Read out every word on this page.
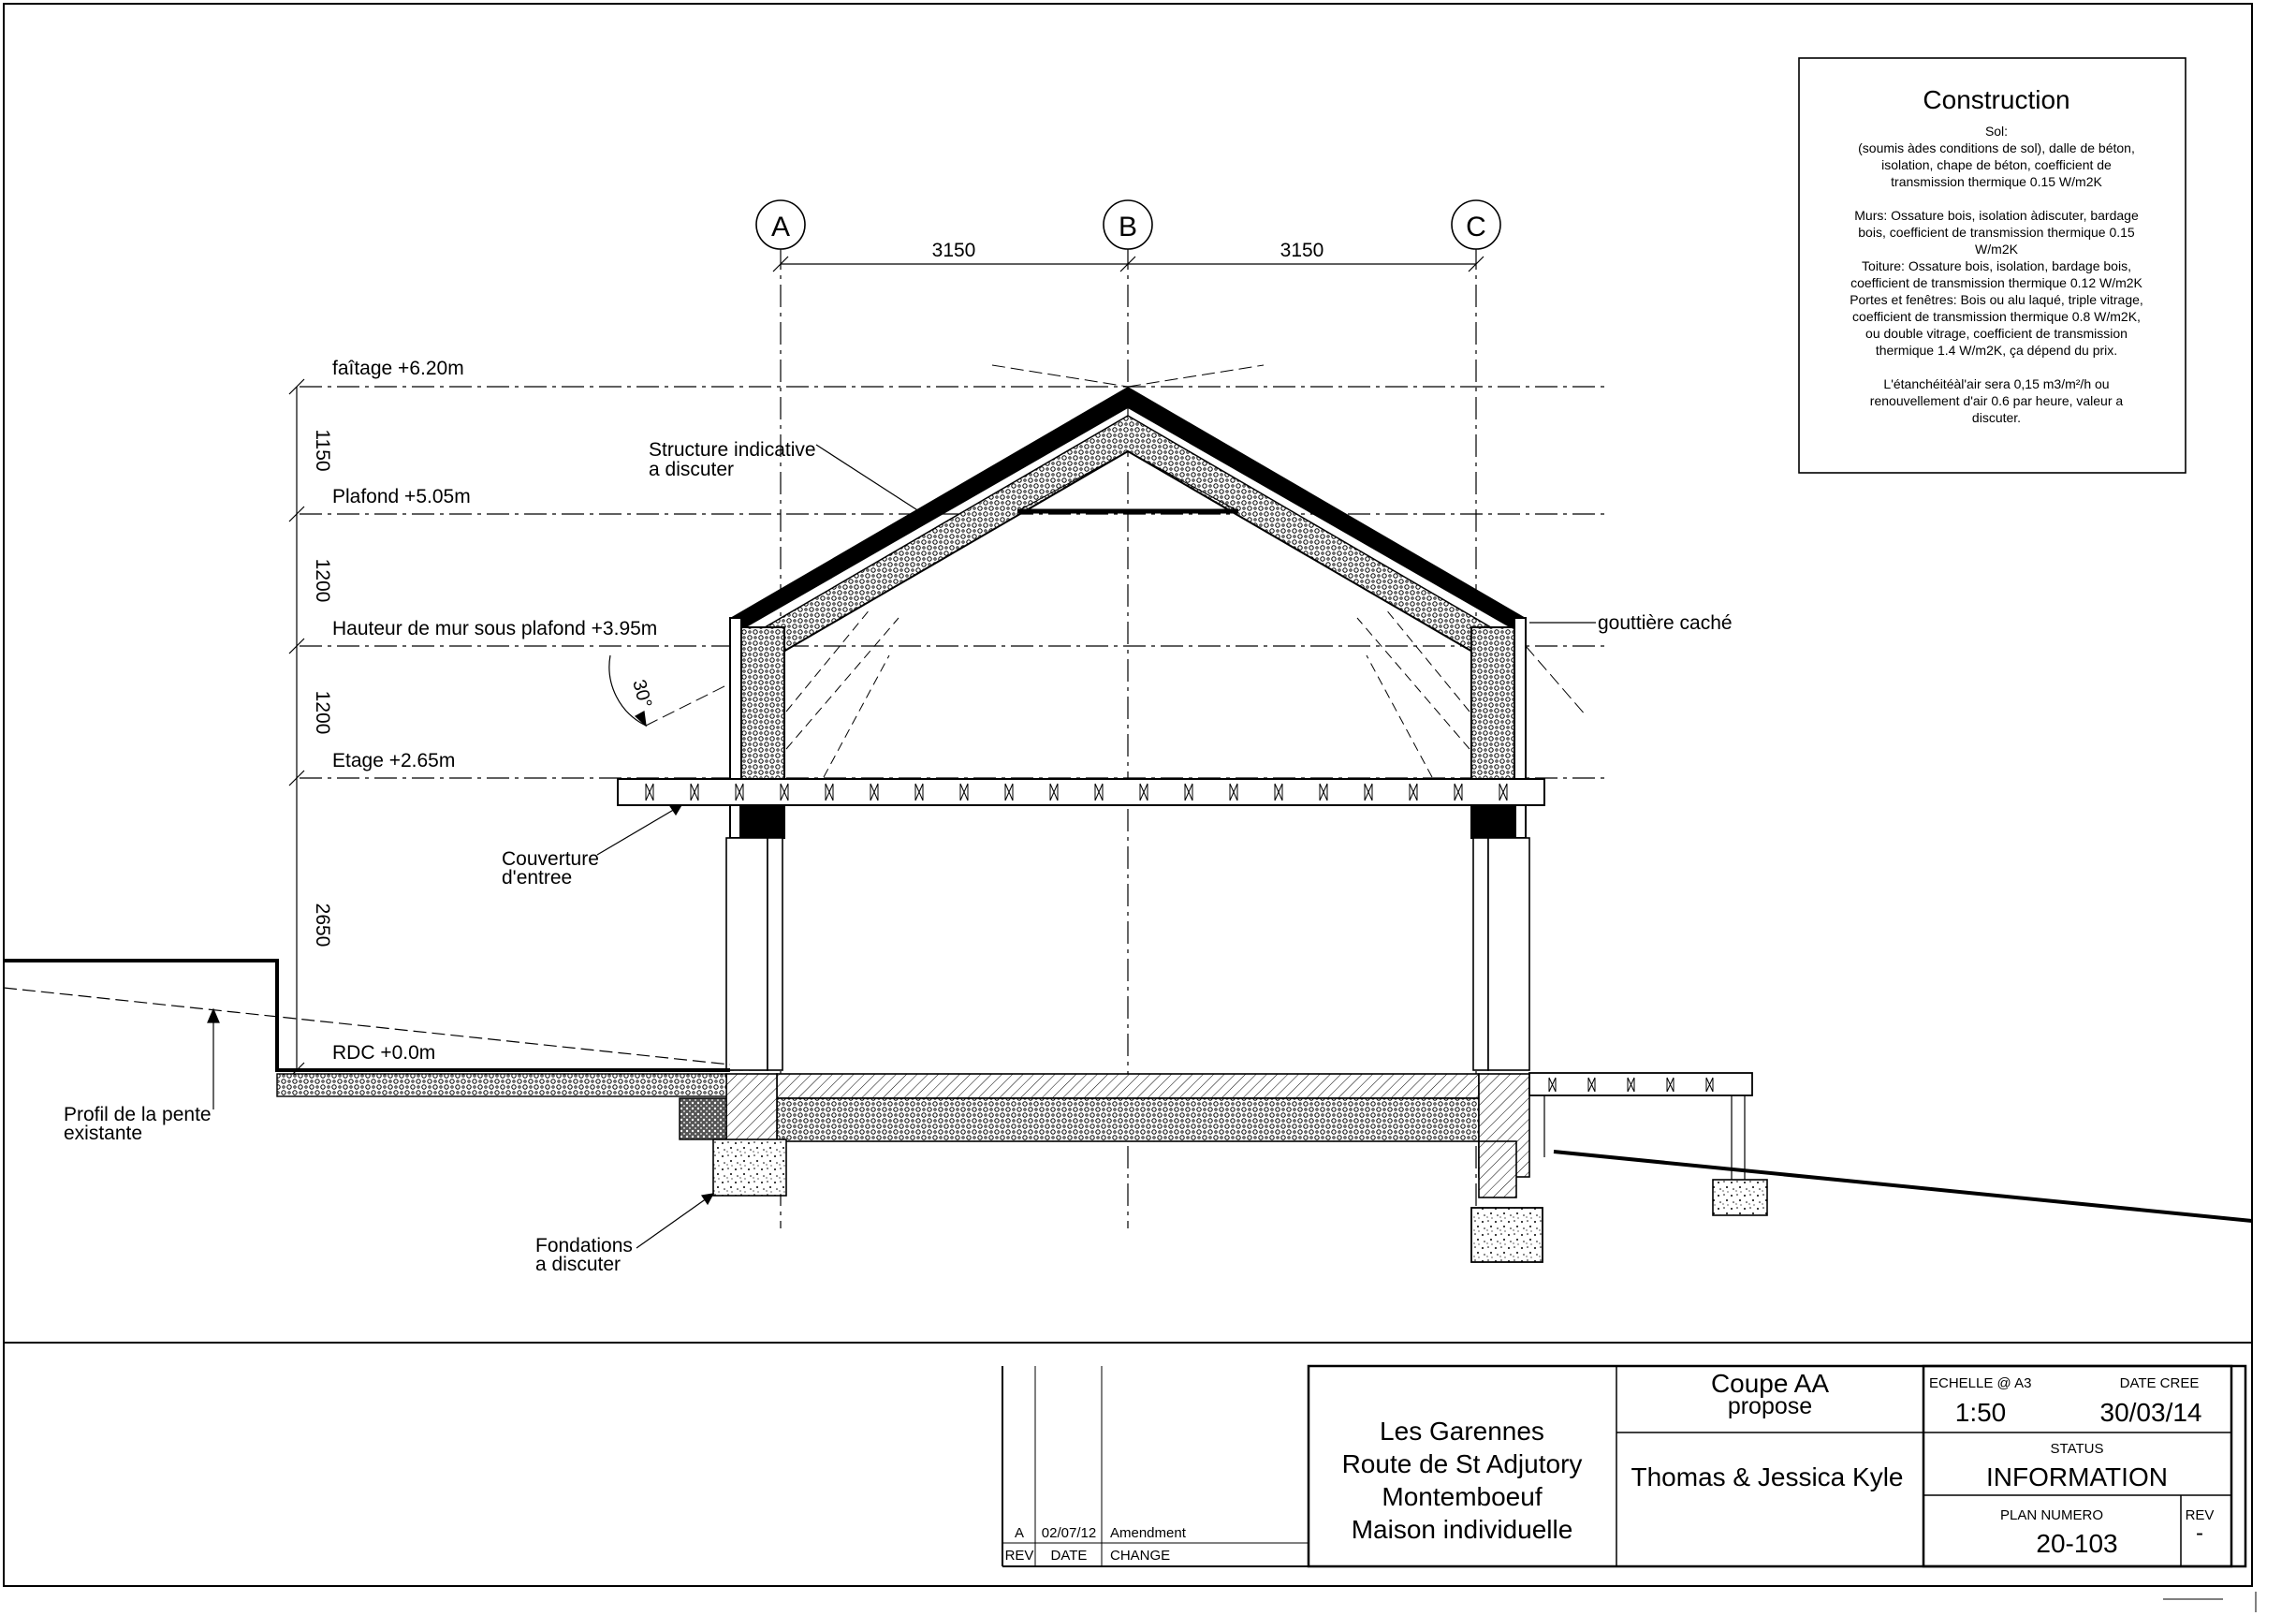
A	B	C
3150	3150
faîtage +6.20m
Plafond +5.05m
Hauteur de mur sous plafond +3.95m
Etage +2.65m
RDC +0.0m
1150
1200
1200
2650
30°
Structure indicative
a discuter
gouttière caché
Couverture
d'entree
Profil de la pente
existante
Fondations
a discuter
Construction
Sol:
(soumis àdes conditions de sol), dalle de béton,
isolation, chape de béton, coefficient de
transmission thermique 0.15 W/m2K
Murs: Ossature bois, isolation àdiscuter, bardage
bois, coefficient de transmission thermique 0.15
W/m2K
Toiture: Ossature bois, isolation, bardage bois,
coefficient de transmission thermique 0.12 W/m2K
Portes et fenêtres: Bois ou alu laqué, triple vitrage,
coefficient de transmission thermique 0.8 W/m2K,
ou double vitrage, coefficient de transmission
thermique 1.4 W/m2K, ça dépend du prix.
L'étanchéitéàl'air sera 0,15 m3/m²/h ou
renouvellement d'air 0.6 par heure, valeur a
discuter.
A 02/07/12 Amendment
REV DATE CHANGE
Les Garennes
Route de St Adjutory
Montemboeuf
Maison individuelle
Coupe AA
propose
Thomas & Jessica Kyle
ECHELLE @ A3
1:50
DATE CREE
30/03/14
STATUS
INFORMATION
PLAN NUMERO
20-103
REV
-
